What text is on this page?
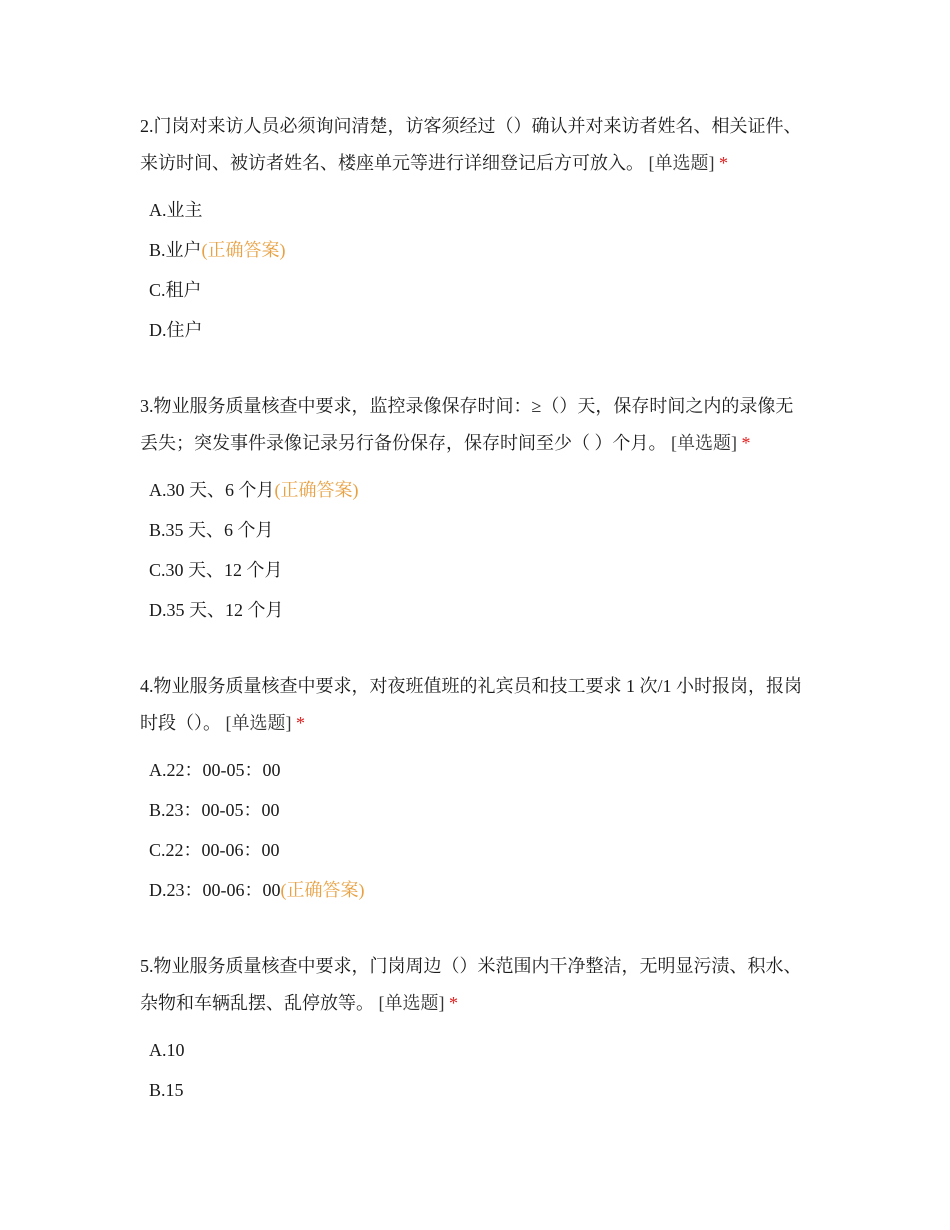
2.门岗对来访人员必须询问清楚，访客须经过（）确认并对来访者姓名、相关证件、来访时间、被访者姓名、楼座单元等进行详细登记后方可放入。 [单选题] *

A.业主
B.业户(正确答案)
C.租户
D.住户

3.物业服务质量核查中要求，监控录像保存时间：≥（）天，保存时间之内的录像无丢失；突发事件录像记录另行备份保存，保存时间至少（ ）个月。 [单选题] *

A.30 天、6 个月(正确答案)
B.35 天、6 个月
C.30 天、12 个月
D.35 天、12 个月

4.物业服务质量核查中要求，对夜班值班的礼宾员和技工要求 1 次/1 小时报岗，报岗时段（）。 [单选题] *

A.22：00-05：00
B.23：00-05：00
C.22：00-06：00
D.23：00-06：00(正确答案)

5.物业服务质量核查中要求，门岗周边（）米范围内干净整洁，无明显污渍、积水、杂物和车辆乱摆、乱停放等。 [单选题] *

A.10
B.15
